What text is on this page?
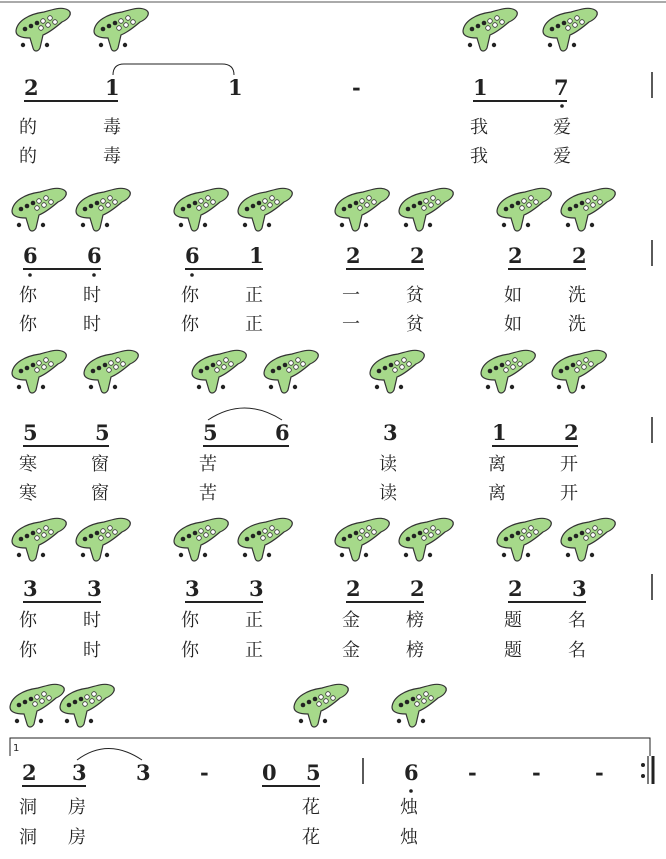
2	1	1	-	1	7
的	毒	我	爱
的	毒	我	爱
6 6	6 1	2 2	2 2
你	时	你	正	一	贫	如	洗
你	时	你	正	一	贫	如	洗
5	5	5	6	3	1	2
寒	窗	苦	读	离	开
寒	窗	苦	读	离	开
3 3	3 3	2 2	2 3
你	时	你	正	金	榜	题	名
你	时	你	正	金	榜	题	名
1
2 3 3 -	0 5	6 -	-	-
洞 房	花	烛
洞 房	花	烛
